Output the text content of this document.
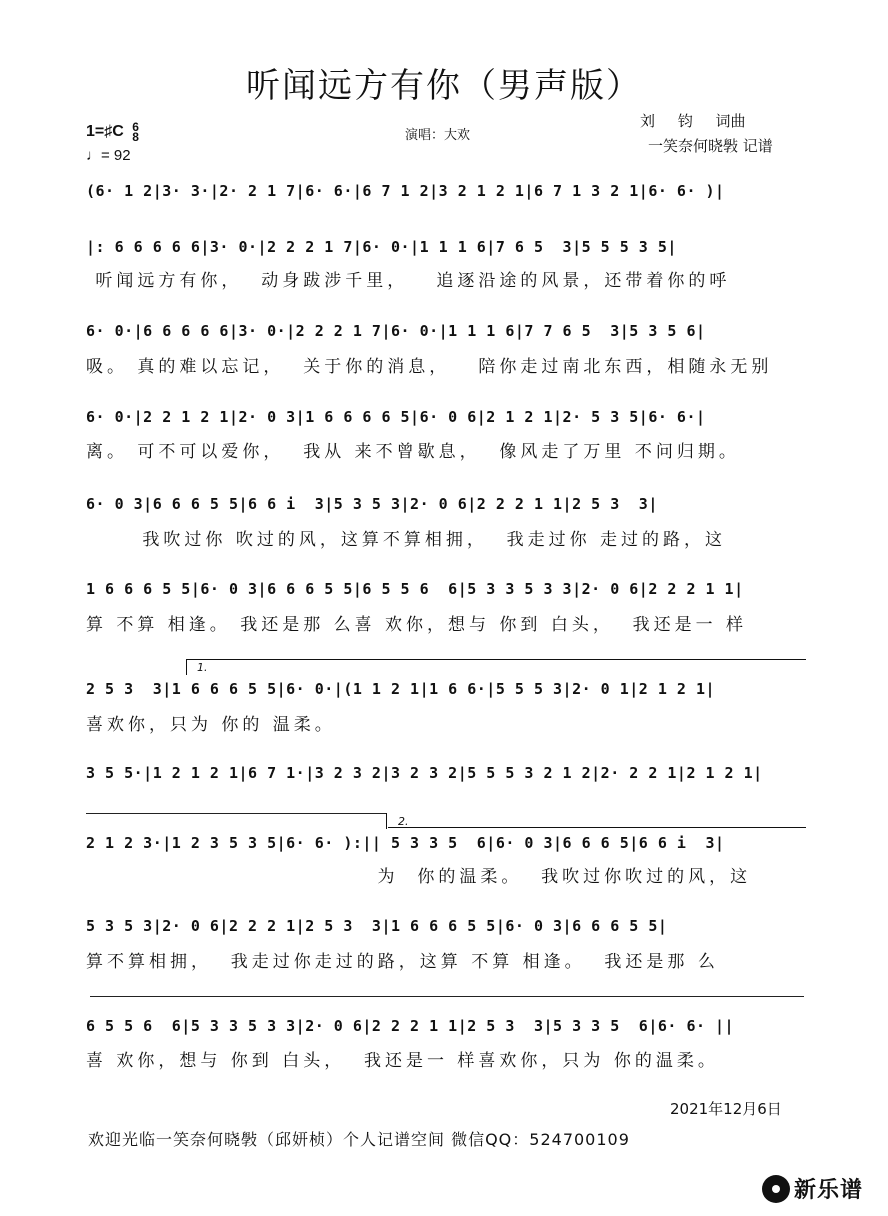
听闻远方有你（男声版）
1=♯C 6
8
♩= 92
演唱：大欢
刘 钧 词曲
一笑奈何晓斅 记谱
(6· 1 2|3· 3·|2· 2 1 7|6· 6·|6 7 1 2|3 2 1 2 1|6 7 1 3 2 1|6· 6· )|
|: 6 6 6 6 6|3· 0·|2 2 2 1 7|6· 0·|1 1 1 6|7 6 5  3|5 5 5 3 5|
听闻远方有你，  动身跋涉千里，   追逐沿途的风景，还带着你的呼
6· 0·|6 6 6 6 6|3· 0·|2 2 2 1 7|6· 0·|1 1 1 6|7 7 6 5  3|5 3 5 6|
吸。 真的难以忘记，  关于你的消息，   陪你走过南北东西，相随永无别
6· 0·|2 2 1 2 1|2· 0 3|1 6 6 6 6 5|6· 0 6|2 1 2 1|2· 5 3 5|6· 6·|
离。 可不可以爱你，  我从 来不曾歇息，  像风走了万里 不问归期。
6· 0 3|6 6 6 5 5|6 6 i  3|5 3 5 3|2· 0 6|2 2 2 1 1|2 5 3  3|
我吹过你 吹过的风，这算不算相拥，  我走过你 走过的路，这
1 6 6 6 5 5|6· 0 3|6 6 6 5 5|6 5 5 6  6|5 3 3 5 3 3|2· 0 6|2 2 2 1 1|
算 不算 相逢。 我还是那 么喜 欢你，想与 你到 白头，  我还是一 样
1.
2 5 3  3|1 6 6 6 5 5|6· 0·|(1 1 2 1|1 6 6·|5 5 5 3|2· 0 1|2 1 2 1|
喜欢你，只为 你的 温柔。
3 5 5·|1 2 1 2 1|6 7 1·|3 2 3 2|3 2 3 2|5 5 5 3 2 1 2|2· 2 2 1|2 1 2 1|
2.
2 1 2 3·|1 2 3 5 3 5|6· 6· ):|| 5 3 3 5  6|6· 0 3|6 6 6 5|6 6 i  3|
为  你的温柔。  我吹过你吹过的风，这
5 3 5 3|2· 0 6|2 2 2 1|2 5 3  3|1 6 6 6 5 5|6· 0 3|6 6 6 5 5|
算不算相拥，  我走过你走过的路，这算 不算 相逢。  我还是那 么
6 5 5 6  6|5 3 3 5 3 3|2· 0 6|2 2 2 1 1|2 5 3  3|5 3 3 5  6|6· 6· ||
喜 欢你，想与 你到 白头，  我还是一 样喜欢你，只为 你的温柔。
2021年12月6日
欢迎光临一笑奈何晓斅（邱妍桢）个人记谱空间 微信QQ：524700109
新乐谱
